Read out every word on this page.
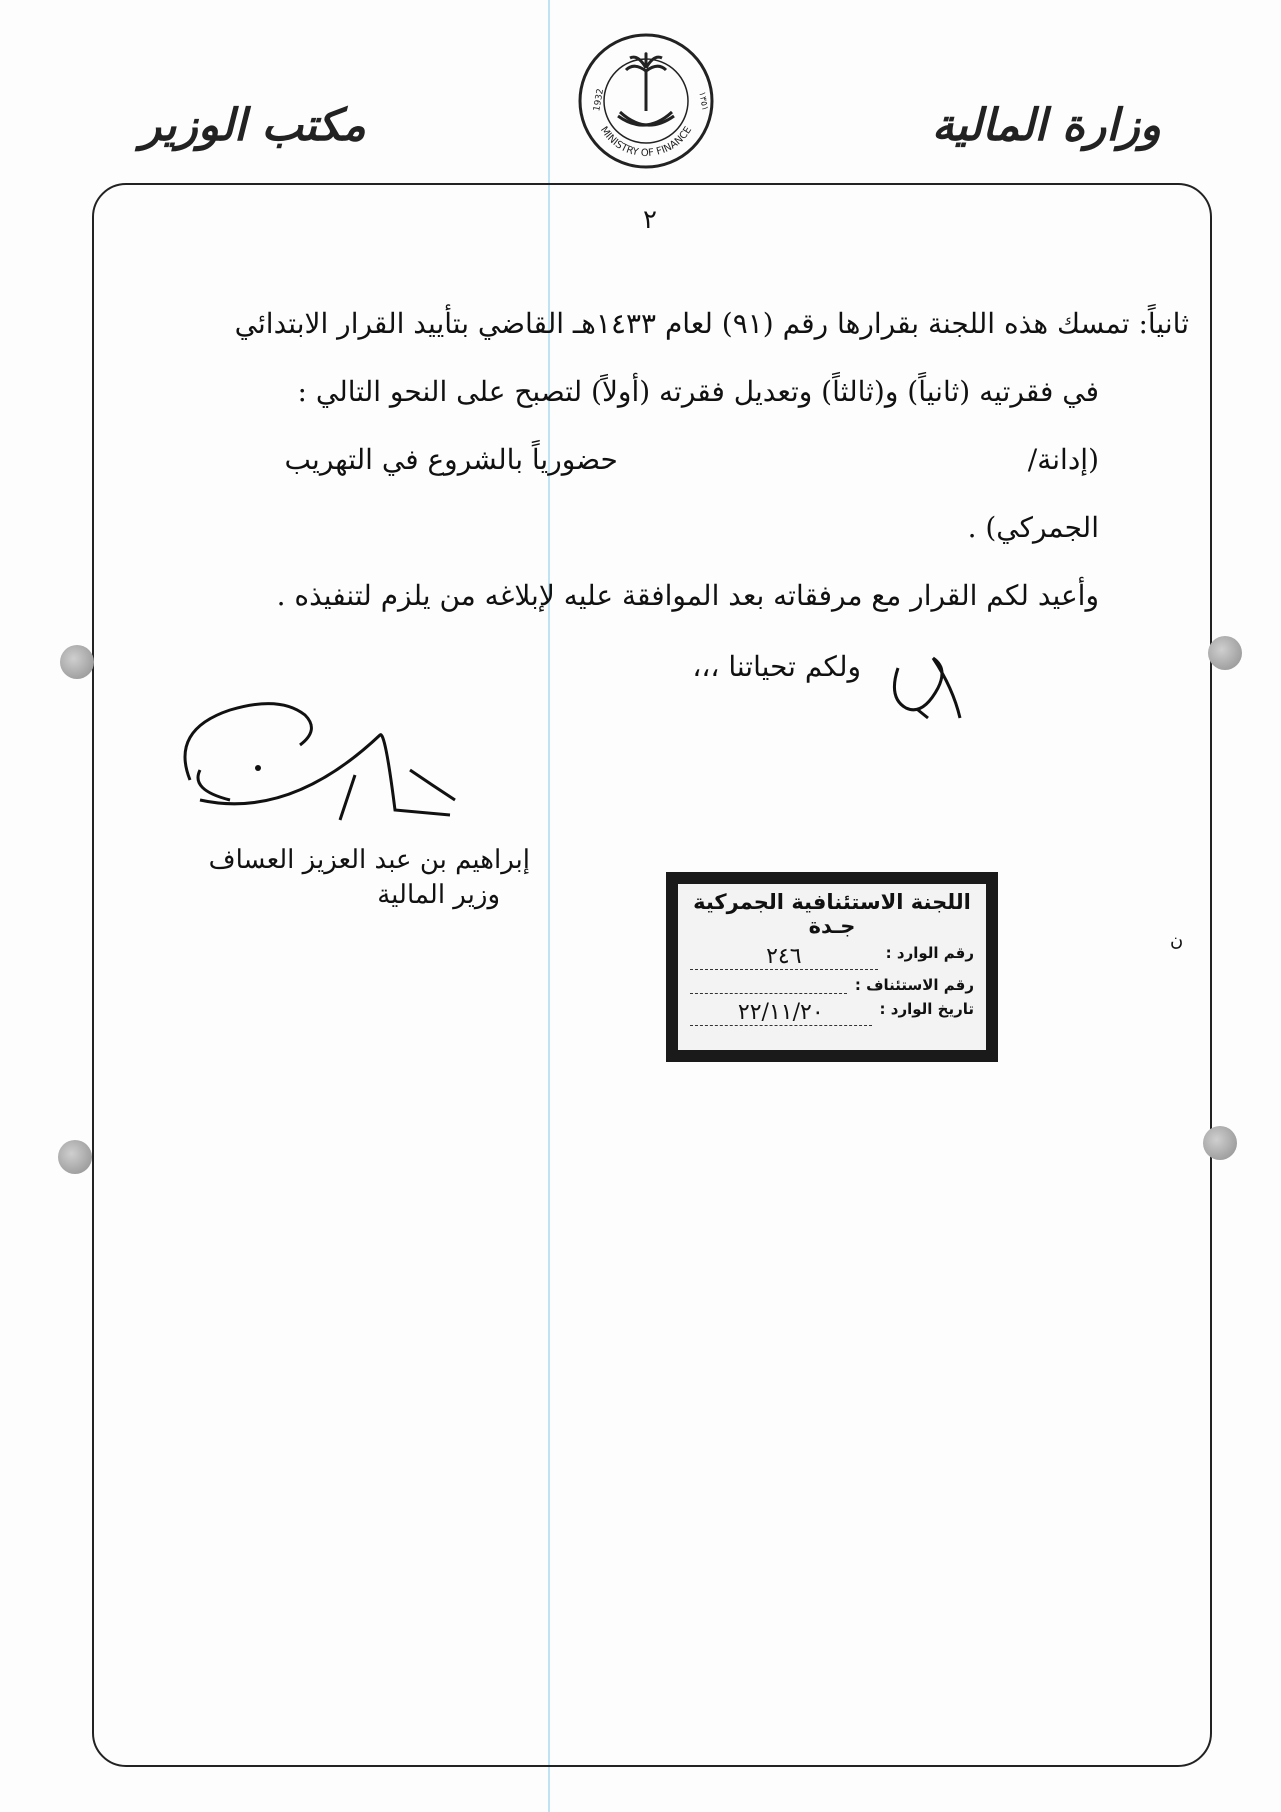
وزارة المالية
مكتب الوزير	MINISTRY OF FINANCE
1932	١٣٥١
٢
ثانياً: تمسك هذه اللجنة بقرارها رقم (٩١) لعام ١٤٣٣هـ القاضي بتأييد القرار الابتدائي
في فقرتيه (ثانياً) و(ثالثاً) وتعديل فقرته (أولاً) لتصبح على النحو التالي :
(إدانة/حضورياً بالشروع في التهريب
الجمركي) .
وأعيد لكم القرار مع مرفقاته بعد الموافقة عليه لإبلاغه من يلزم لتنفيذه .
ولكم تحياتنا ،،،
إبراهيم بن عبد العزيز العساف
وزير المالية	اللجنة الاستئنافية الجمركية
جـدة
رقم الوارد :
٢٤٦
رقم الاستئناف :
تاريخ الوارد :
٢٢/١١/٢٠
ن
